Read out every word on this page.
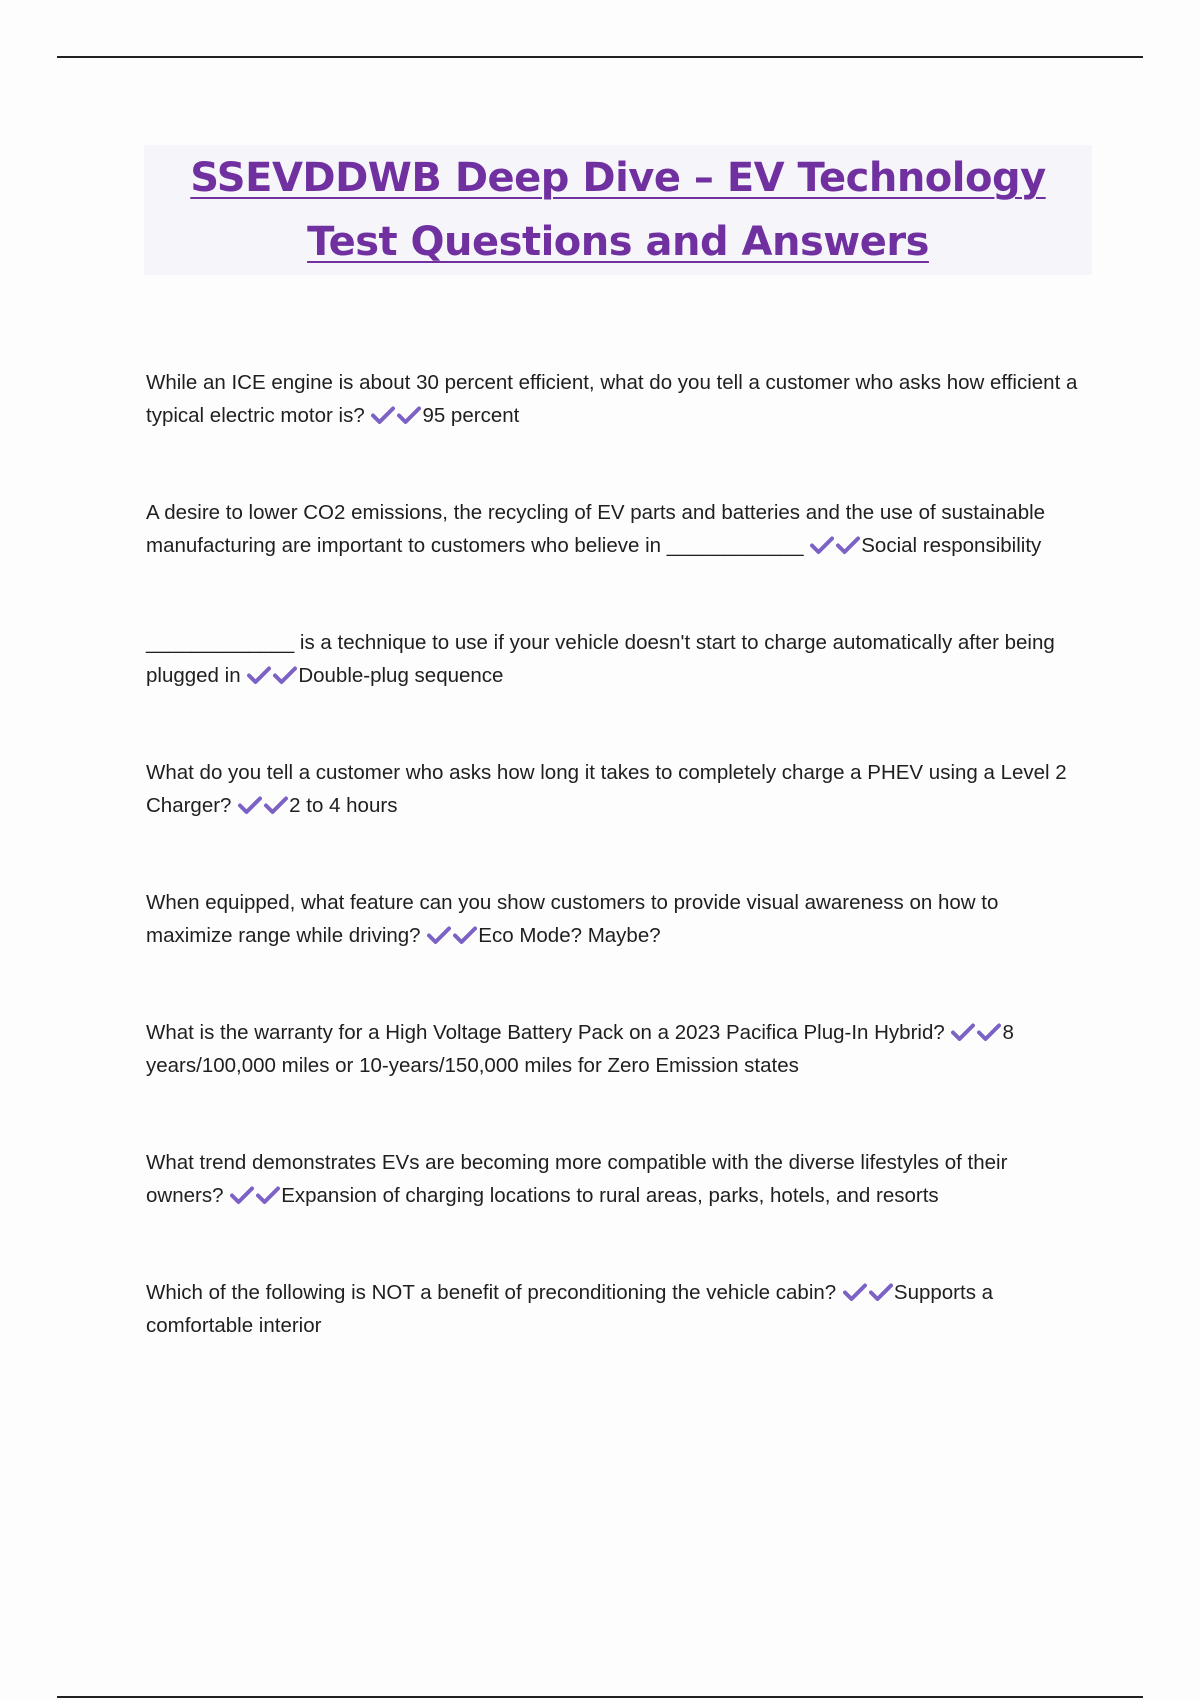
SSEVDDWB Deep Dive – EV Technology
Test Questions and Answers

While an ICE engine is about 30 percent efficient, what do you tell a customer who asks how efficient a typical electric motor is?	95 percent

A desire to lower CO2 emissions, the recycling of EV parts and batteries and the use of sustainable manufacturing are important to customers who believe in ____________	Social responsibility

_____________ is a technique to use if your vehicle doesn't start to charge automatically after being plugged in	Double-plug sequence

What do you tell a customer who asks how long it takes to completely charge a PHEV using a Level 2 Charger?	2 to 4 hours

When equipped, what feature can you show customers to provide visual awareness on how to maximize range while driving?	Eco Mode? Maybe?

What is the warranty for a High Voltage Battery Pack on a 2023 Pacifica Plug-In Hybrid?	8 years/100,000 miles or 10-years/150,000 miles for Zero Emission states

What trend demonstrates EVs are becoming more compatible with the diverse lifestyles of their owners?	Expansion of charging locations to rural areas, parks, hotels, and resorts

Which of the following is NOT a benefit of preconditioning the vehicle cabin?	Supports a comfortable interior
